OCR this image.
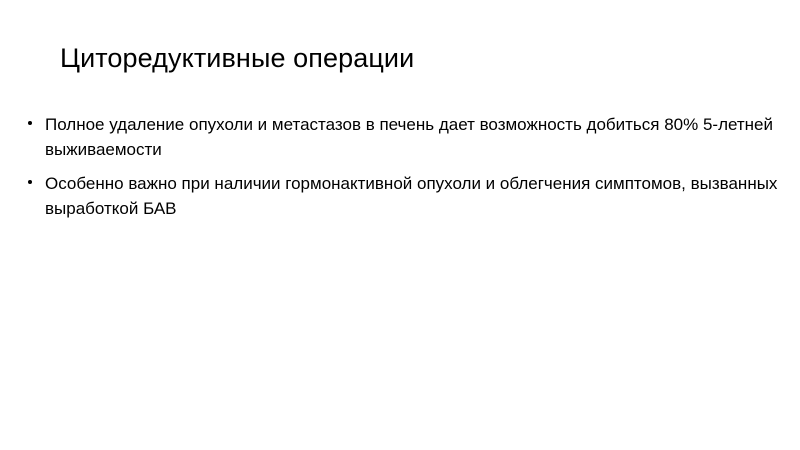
Циторедуктивные операции
Полное удаление опухоли и метастазов в печень дает возможность добиться 80% 5-летней выживаемости
Особенно важно при наличии гормонактивной опухоли и облегчения симптомов, вызванных выработкой БАВ
